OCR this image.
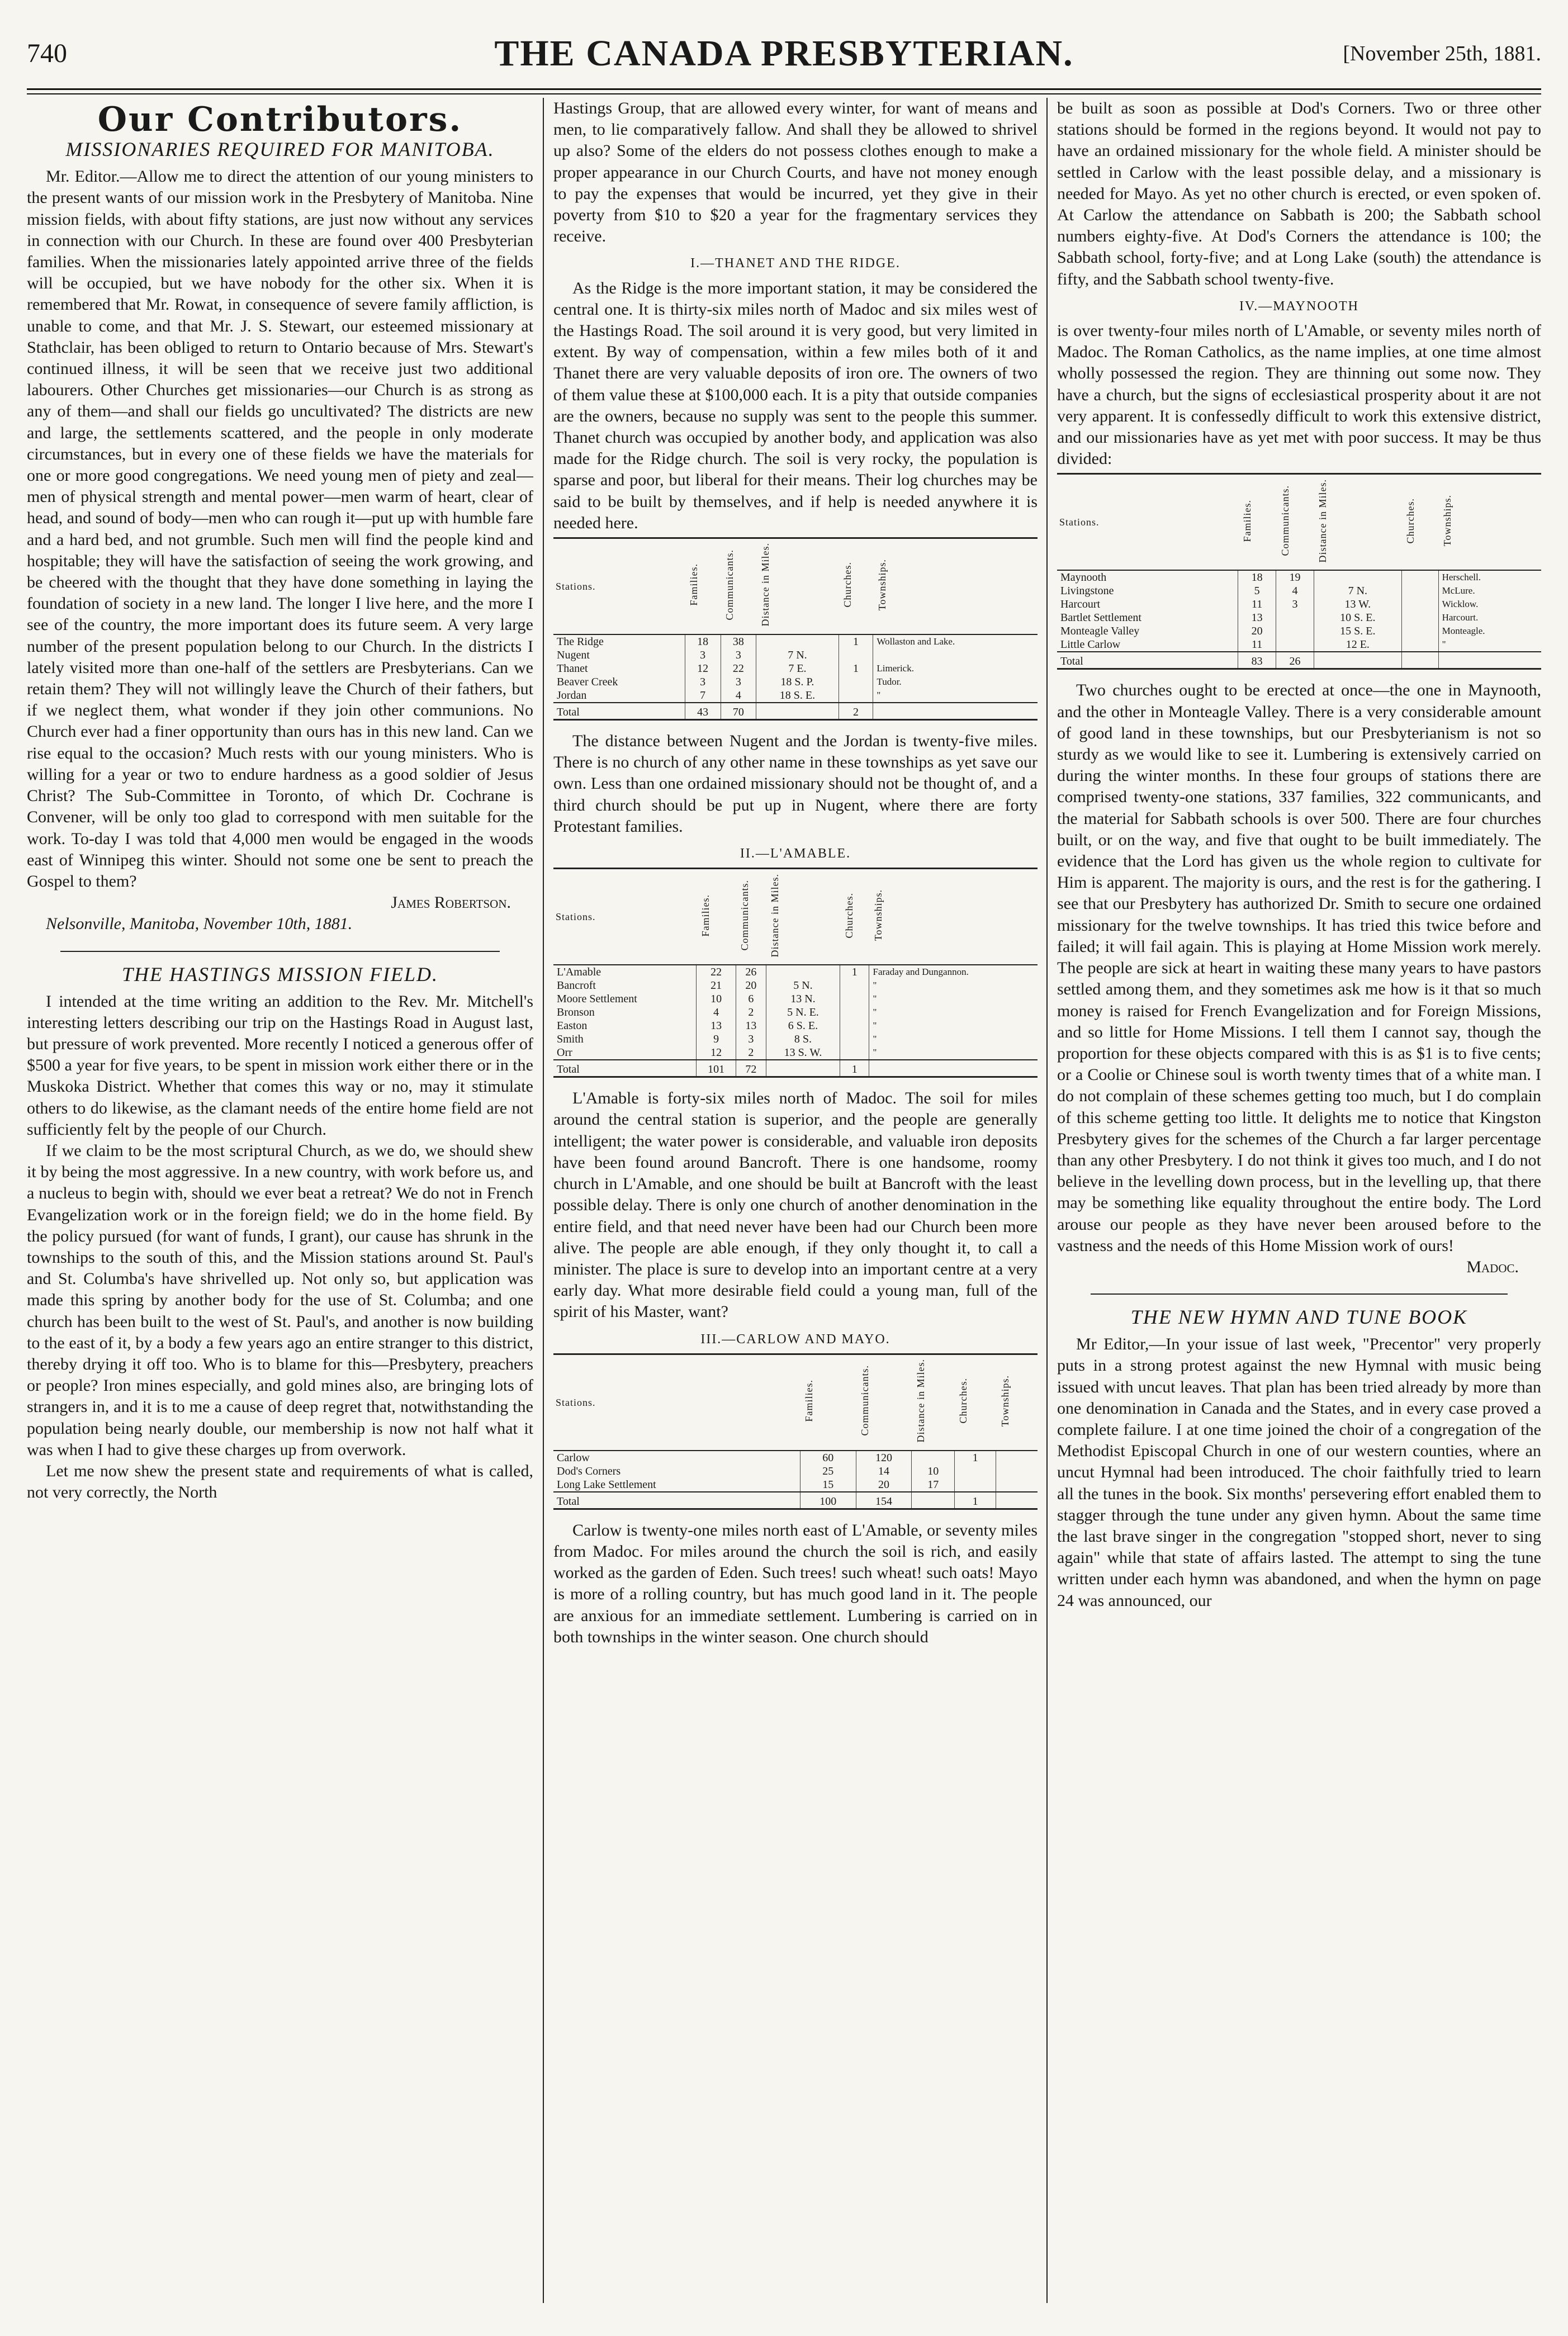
740	THE CANADA PRESBYTERIAN.	[November 25th, 1881.
Our Contributors.
MISSIONARIES REQUIRED FOR MANITOBA.

Mr. Editor.—Allow me to direct the attention of our young ministers to the present wants of our mission work in the Presbytery of Manitoba. Nine mission fields, with about fifty stations, are just now without any services in connection with our Church. In these are found over 400 Presbyterian families. When the missionaries lately appointed arrive three of the fields will be occupied, but we have nobody for the other six. When it is remembered that Mr. Rowat, in consequence of severe family affliction, is unable to come, and that Mr. J. S. Stewart, our esteemed missionary at Stathclair, has been obliged to return to Ontario because of Mrs. Stewart's continued illness, it will be seen that we receive just two additional labourers. Other Churches get missionaries—our Church is as strong as any of them—and shall our fields go uncultivated? The districts are new and large, the settlements scattered, and the people in only moderate circumstances, but in every one of these fields we have the materials for one or more good congregations. We need young men of piety and zeal—men of physical strength and mental power—men warm of heart, clear of head, and sound of body—men who can rough it—put up with humble fare and a hard bed, and not grumble. Such men will find the people kind and hospitable; they will have the satisfaction of seeing the work growing, and be cheered with the thought that they have done something in laying the foundation of society in a new land. The longer I live here, and the more I see of the country, the more important does its future seem. A very large number of the present population belong to our Church. In the districts I lately visited more than one-half of the settlers are Presbyterians. Can we retain them? They will not willingly leave the Church of their fathers, but if we neglect them, what wonder if they join other communions. No Church ever had a finer opportunity than ours has in this new land. Can we rise equal to the occasion? Much rests with our young ministers. Who is willing for a year or two to endure hardness as a good soldier of Jesus Christ? The Sub-Committee in Toronto, of which Dr. Cochrane is Convener, will be only too glad to correspond with men suitable for the work. To-day I was told that 4,000 men would be engaged in the woods east of Winnipeg this winter. Should not some one be sent to preach the Gospel to them?

James Robertson.

Nelsonville, Manitoba, November 10th, 1881.

THE HASTINGS MISSION FIELD.

I intended at the time writing an addition to the Rev. Mr. Mitchell's interesting letters describing our trip on the Hastings Road in August last, but pressure of work prevented. More recently I noticed a generous offer of $500 a year for five years, to be spent in mission work either there or in the Muskoka District. Whether that comes this way or no, may it stimulate others to do likewise, as the clamant needs of the entire home field are not sufficiently felt by the people of our Church.

If we claim to be the most scriptural Church, as we do, we should shew it by being the most aggressive. In a new country, with work before us, and a nucleus to begin with, should we ever beat a retreat? We do not in French Evangelization work or in the foreign field; we do in the home field. By the policy pursued (for want of funds, I grant), our cause has shrunk in the townships to the south of this, and the Mission stations around St. Paul's and St. Columba's have shrivelled up. Not only so, but application was made this spring by another body for the use of St. Columba; and one church has been built to the west of St. Paul's, and another is now building to the east of it, by a body a few years ago an entire stranger to this district, thereby drying it off too. Who is to blame for this—Presbytery, preachers or people? Iron mines especially, and gold mines also, are bringing lots of strangers in, and it is to me a cause of deep regret that, notwithstanding the population being nearly double, our membership is now not half what it was when I had to give these charges up from overwork.

Let me now shew the present state and requirements of what is called, not very correctly, the North

Hastings Group, that are allowed every winter, for want of means and men, to lie comparatively fallow. And shall they be allowed to shrivel up also? Some of the elders do not possess clothes enough to make a proper appearance in our Church Courts, and have not money enough to pay the expenses that would be incurred, yet they give in their poverty from $10 to $20 a year for the fragmentary services they receive.

I.—THANET AND THE RIDGE.

As the Ridge is the more important station, it may be considered the central one. It is thirty-six miles north of Madoc and six miles west of the Hastings Road. The soil around it is very good, but very limited in extent. By way of compensation, within a few miles both of it and Thanet there are very valuable deposits of iron ore. The owners of two of them value these at $100,000 each. It is a pity that outside companies are the owners, because no supply was sent to the people this summer. Thanet church was occupied by another body, and application was also made for the Ridge church. The soil is very rocky, the population is sparse and poor, but liberal for their means. Their log churches may be said to be built by themselves, and if help is needed anywhere it is needed here.

Stations.	Families.	Communicants.	Distance in Miles.	Churches.	Townships.
The Ridge	18	38		1	Wollaston and Lake.
Nugent	3	3	7 N.		
Thanet	12	22	7 E.	1	Limerick.
Beaver Creek	3	3	18 S. P.		Tudor.
Jordan	7	4	18 S. E.		"
Total	43	70		2	

The distance between Nugent and the Jordan is twenty-five miles. There is no church of any other name in these townships as yet save our own. Less than one ordained missionary should not be thought of, and a third church should be put up in Nugent, where there are forty Protestant families.

II.—L'AMABLE.
Stations.	Families.	Communicants.	Distance in Miles.	Churches.	Townships.
L'Amable	22	26		1	Faraday and Dungannon.
Bancroft	21	20	5 N.		"
Moore Settlement	10	6	13 N.		"
Bronson	4	2	5 N. E.		"
Easton	13	13	6 S. E.		"
Smith	9	3	8 S.		"
Orr	12	2	13 S. W.		"
Total	101	72		1	

L'Amable is forty-six miles north of Madoc. The soil for miles around the central station is superior, and the people are generally intelligent; the water power is considerable, and valuable iron deposits have been found around Bancroft. There is one handsome, roomy church in L'Amable, and one should be built at Bancroft with the least possible delay. There is only one church of another denomination in the entire field, and that need never have been had our Church been more alive. The people are able enough, if they only thought it, to call a minister. The place is sure to develop into an important centre at a very early day. What more desirable field could a young man, full of the spirit of his Master, want?

III.—CARLOW AND MAYO.
Stations.	Families.	Communicants.	Distance in Miles.	Churches.	Townships.
Carlow	60	120		1	
Dod's Corners	25	14	10		
Long Lake Settlement	15	20	17		
Total	100	154		1	

Carlow is twenty-one miles north east of L'Amable, or seventy miles from Madoc. For miles around the church the soil is rich, and easily worked as the garden of Eden. Such trees! such wheat! such oats! Mayo is more of a rolling country, but has much good land in it. The people are anxious for an immediate settlement. Lumbering is carried on in both townships in the winter season. One church should

be built as soon as possible at Dod's Corners. Two or three other stations should be formed in the regions beyond. It would not pay to have an ordained missionary for the whole field. A minister should be settled in Carlow with the least possible delay, and a missionary is needed for Mayo. As yet no other church is erected, or even spoken of. At Carlow the attendance on Sabbath is 200; the Sabbath school numbers eighty-five. At Dod's Corners the attendance is 100; the Sabbath school, forty-five; and at Long Lake (south) the attendance is fifty, and the Sabbath school twenty-five.

IV.—MAYNOOTH

is over twenty-four miles north of L'Amable, or seventy miles north of Madoc. The Roman Catholics, as the name implies, at one time almost wholly possessed the region. They are thinning out some now. They have a church, but the signs of ecclesiastical prosperity about it are not very apparent. It is confessedly difficult to work this extensive district, and our missionaries have as yet met with poor success. It may be thus divided:

Stations.	Families.	Communicants.	Distance in Miles.	Churches.	Townships.
Maynooth	18	19			Herschell.
Livingstone	5	4	7 N.		McLure.
Harcourt	11	3	13 W.		Wicklow.
Bartlet Settlement	13		10 S. E.		Harcourt.
Monteagle Valley	20		15 S. E.		Monteagle.
Little Carlow	11		12 E.		"
Total	83	26			

Two churches ought to be erected at once—the one in Maynooth, and the other in Monteagle Valley. There is a very considerable amount of good land in these townships, but our Presbyterianism is not so sturdy as we would like to see it. Lumbering is extensively carried on during the winter months. In these four groups of stations there are comprised twenty-one stations, 337 families, 322 communicants, and the material for Sabbath schools is over 500. There are four churches built, or on the way, and five that ought to be built immediately. The evidence that the Lord has given us the whole region to cultivate for Him is apparent. The majority is ours, and the rest is for the gathering. I see that our Presbytery has authorized Dr. Smith to secure one ordained missionary for the twelve townships. It has tried this twice before and failed; it will fail again. This is playing at Home Mission work merely. The people are sick at heart in waiting these many years to have pastors settled among them, and they sometimes ask me how is it that so much money is raised for French Evangelization and for Foreign Missions, and so little for Home Missions. I tell them I cannot say, though the proportion for these objects compared with this is as $1 is to five cents; or a Coolie or Chinese soul is worth twenty times that of a white man. I do not complain of these schemes getting too much, but I do complain of this scheme getting too little. It delights me to notice that Kingston Presbytery gives for the schemes of the Church a far larger percentage than any other Presbytery. I do not think it gives too much, and I do not believe in the levelling down process, but in the levelling up, that there may be something like equality throughout the entire body. The Lord arouse our people as they have never been aroused before to the vastness and the needs of this Home Mission work of ours!

Madoc.
THE NEW HYMN AND TUNE BOOK

Mr Editor,—In your issue of last week, "Precentor" very properly puts in a strong protest against the new Hymnal with music being issued with uncut leaves. That plan has been tried already by more than one denomination in Canada and the States, and in every case proved a complete failure. I at one time joined the choir of a congregation of the Methodist Episcopal Church in one of our western counties, where an uncut Hymnal had been introduced. The choir faithfully tried to learn all the tunes in the book. Six months' persevering effort enabled them to stagger through the tune under any given hymn. About the same time the last brave singer in the congregation "stopped short, never to sing again" while that state of affairs lasted. The attempt to sing the tune written under each hymn was abandoned, and when the hymn on page 24 was announced, our
